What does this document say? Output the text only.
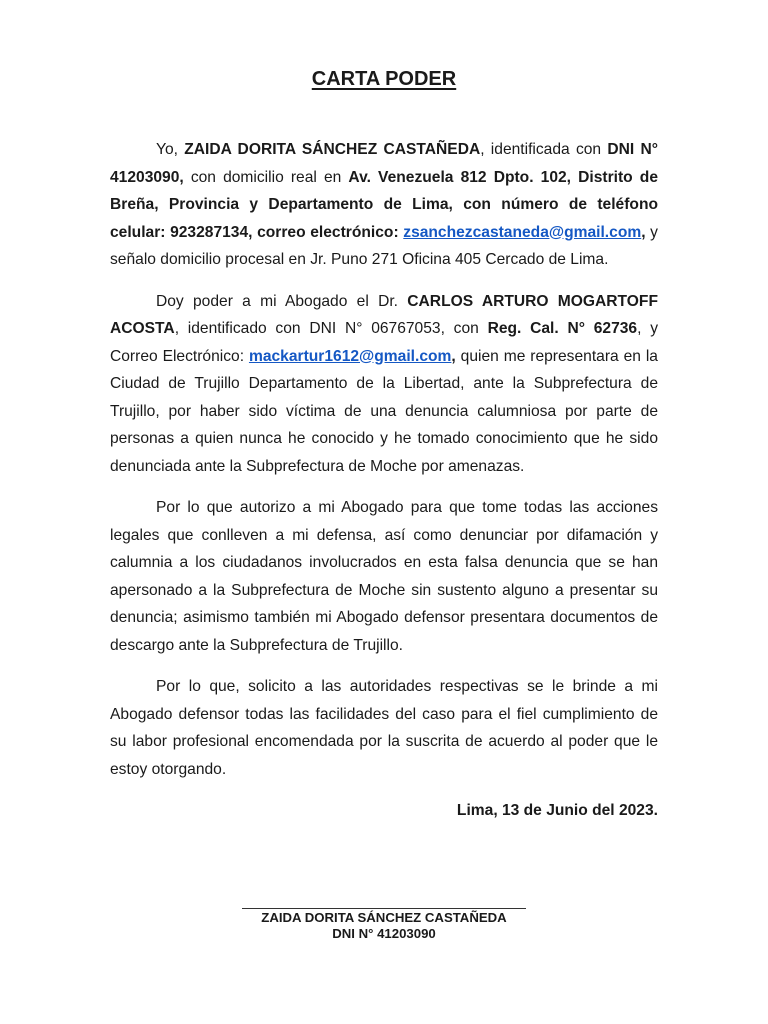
CARTA PODER

Yo, ZAIDA DORITA SÁNCHEZ CASTAÑEDA, identificada con DNI N° 41203090, con domicilio real en Av. Venezuela 812 Dpto. 102, Distrito de Breña, Provincia y Departamento de Lima, con número de teléfono celular: 923287134, correo electrónico: zsanchezcastaneda@gmail.com, y señalo domicilio procesal en Jr. Puno 271 Oficina 405 Cercado de Lima.

Doy poder a mi Abogado el Dr. CARLOS ARTURO MOGARTOFF ACOSTA, identificado con DNI N° 06767053, con Reg. Cal. N° 62736, y Correo Electrónico: mackartur1612@gmail.com, quien me representara en la Ciudad de Trujillo Departamento de la Libertad, ante la Subprefectura de Trujillo, por haber sido víctima de una denuncia calumniosa por parte de personas a quien nunca he conocido y he tomado conocimiento que he sido denunciada ante la Subprefectura de Moche por amenazas.

Por lo que autorizo a mi Abogado para que tome todas las acciones legales que conlleven a mi defensa, así como denunciar por difamación y calumnia a los ciudadanos involucrados en esta falsa denuncia que se han apersonado a la Subprefectura de Moche sin sustento alguno a presentar su denuncia; asimismo también mi Abogado defensor presentara documentos de descargo ante la Subprefectura de Trujillo.

Por lo que, solicito a las autoridades respectivas se le brinde a mi Abogado defensor todas las facilidades del caso para el fiel cumplimiento de su labor profesional encomendada por la suscrita de acuerdo al poder que le estoy otorgando.

Lima, 13 de Junio del 2023.
ZAIDA DORITA SÁNCHEZ CASTAÑEDA
DNI N° 41203090
